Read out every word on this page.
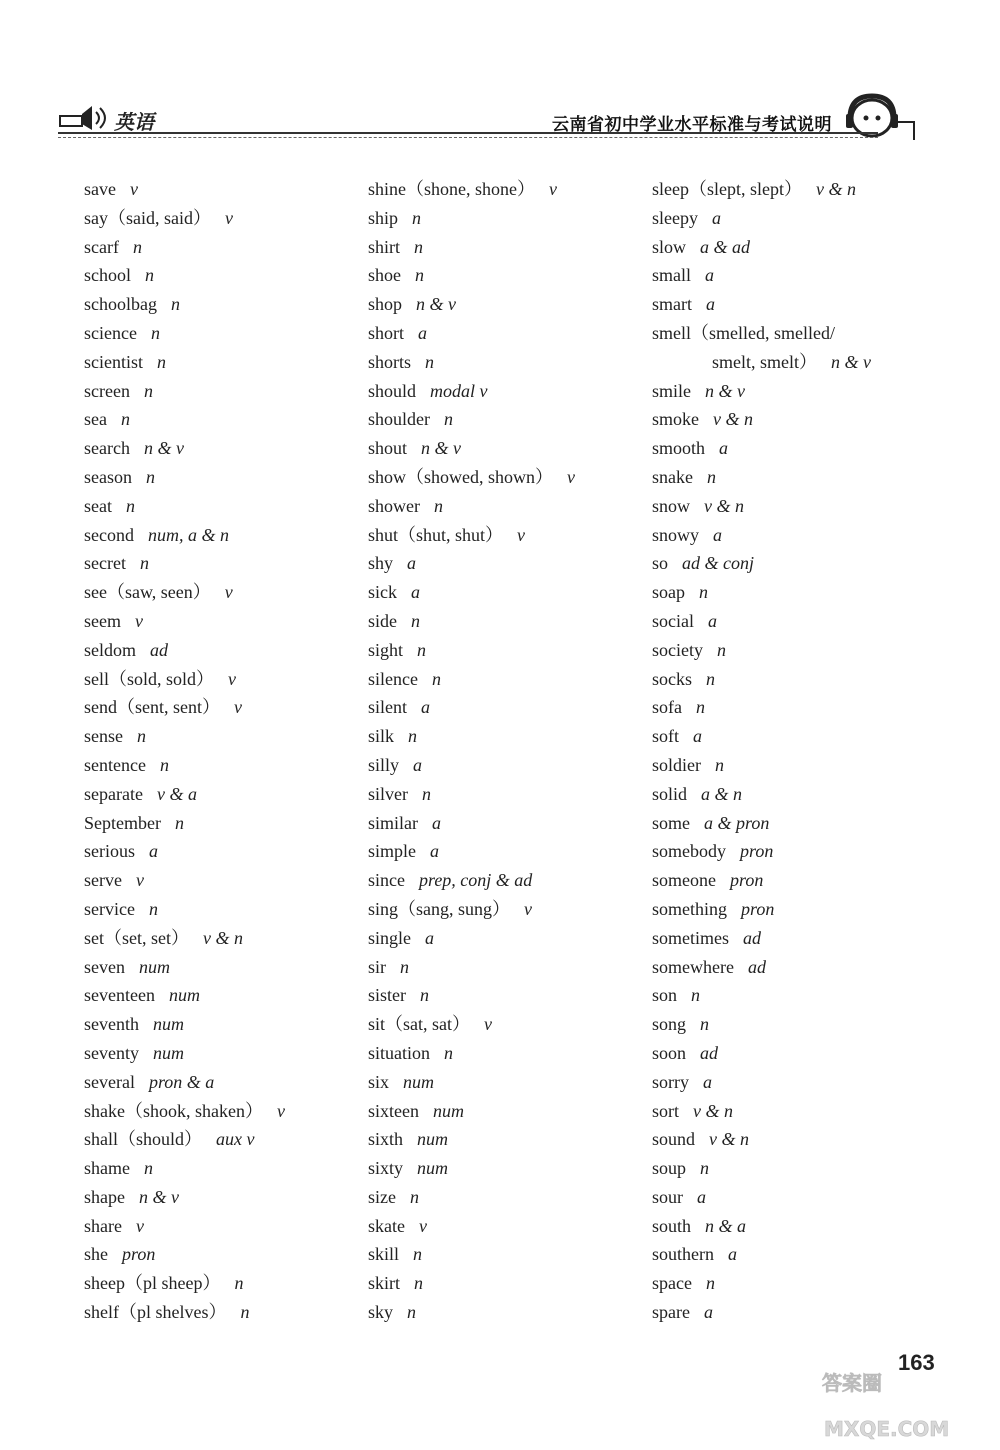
英语	云南省初中学业水平标准与考试说明
save v
say（said, said） v
scarf n
school n
schoolbag n
science n
scientist n
screen n
sea n
search n & v
season n
seat n
second num, a & n
secret n
see（saw, seen） v
seem v
seldom ad
sell（sold, sold） v
send（sent, sent） v
sense n
sentence n
separate v & a
September n
serious a
serve v
service n
set（set, set） v & n
seven num
seventeen num
seventh num
seventy num
several pron & a
shake（shook, shaken） v
shall（should） aux v
shame n
shape n & v
share v
she pron
sheep（pl sheep） n
shelf（pl shelves） n
shine（shone, shone） v
ship n
shirt n
shoe n
shop n & v
short a
shorts n
should modal v
shoulder n
shout n & v
show（showed, shown） v
shower n
shut（shut, shut） v
shy a
sick a
side n
sight n
silence n
silent a
silk n
silly a
silver n
similar a
simple a
since prep, conj & ad
sing（sang, sung） v
single a
sir n
sister n
sit（sat, sat） v
situation n
six num
sixteen num
sixth num
sixty num
size n
skate v
skill n
skirt n
sky n
sleep（slept, slept） v & n
sleepy a
slow a & ad
small a
smart a
smell（smelled, smelled/
smelt, smelt） n & v
smile n & v
smoke v & n
smooth a
snake n
snow v & n
snowy a
so ad & conj
soap n
social a
society n
socks n
sofa n
soft a
soldier n
solid a & n
some a & pron
somebody pron
someone pron
something pron
sometimes ad
somewhere ad
son n
song n
soon ad
sorry a
sort v & n
sound v & n
soup n
sour a
south n & a
southern a
space n
spare a
163
答案圈
MXQE.COM
